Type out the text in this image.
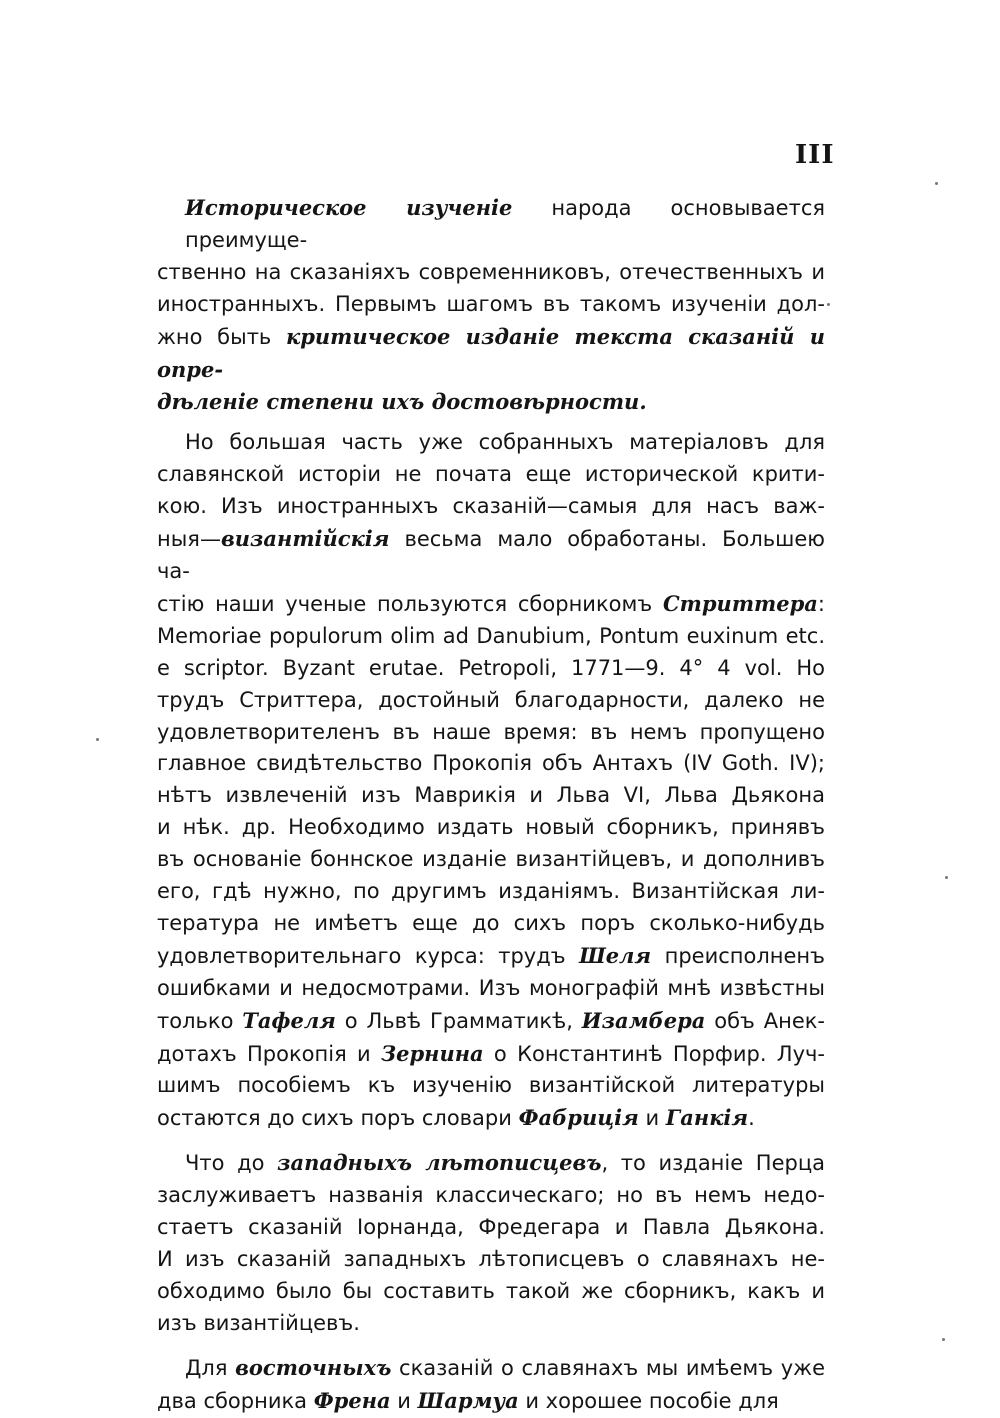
III
Историческое изученіе народа основывается преимуще-
ственно на сказаніяхъ современниковъ, отечественныхъ и
иностранныхъ. Первымъ шагомъ въ такомъ изученіи дол-
жно быть критическое изданіе текста сказаній и опре-
дѣленіе степени ихъ достовѣрности.
Но большая часть уже собранныхъ матеріаловъ для
славянской исторіи не почата еще исторической крити-
кою. Изъ иностранныхъ сказаній—самыя для насъ важ-
ныя—византійскія весьма мало обработаны. Большею ча-
стію наши ученые пользуются сборникомъ Стриттера:
Memoriae populorum olim ad Danubium, Pontum euxinum etc.
e scriptor. Byzant erutae. Petropoli, 1771—9. 4° 4 vol. Но
трудъ Стриттера, достойный благодарности, далеко не
удовлетворителенъ въ наше время: въ немъ пропущено
главное свидѣтельство Прокопія объ Антахъ (IV Goth. IV);
нѣтъ извлеченій изъ Маврикія и Льва VI, Льва Дьякона
и нѣк. др. Необходимо издать новый сборникъ, принявъ
въ основаніе боннское изданіе византійцевъ, и дополнивъ
его, гдѣ нужно, по другимъ изданіямъ. Византійская ли-
тература не имѣетъ еще до сихъ поръ сколько-нибудь
удовлетворительнаго курса: трудъ Шеля преисполненъ
ошибками и недосмотрами. Изъ монографій мнѣ извѣстны
только Тафеля о Львѣ Грамматикѣ, Изамбера объ Анек-
дотахъ Прокопія и Зернина о Константинѣ Порфир. Луч-
шимъ пособіемъ къ изученію византійской литературы
остаются до сихъ поръ словари Фабриція и Ганкія.
Что до западныхъ лѣтописцевъ, то изданіе Перца
заслуживаетъ названія классическаго; но въ немъ недо-
стаетъ сказаній Іорнанда, Фредегара и Павла Дьякона.
И изъ сказаній западныхъ лѣтописцевъ о славянахъ не-
обходимо было бы составить такой же сборникъ, какъ и
изъ византійцевъ.
Для восточныхъ сказаній о славянахъ мы имѣемъ уже
два сборника Френа и Шармуа и хорошее пособіе для
